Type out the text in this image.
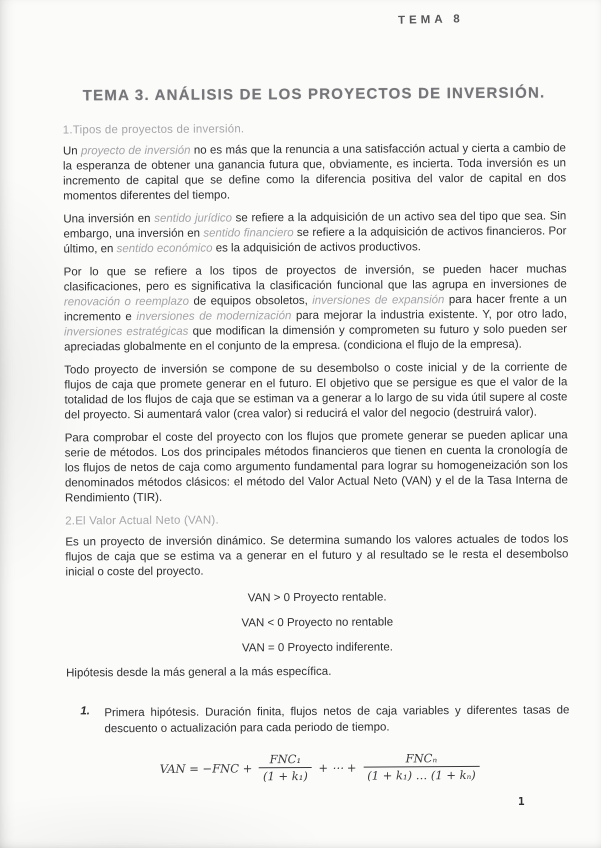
TEMA 8
TEMA 3. ANÁLISIS DE LOS PROYECTOS DE INVERSIÓN.
1.Tipos de proyectos de inversión.

Un proyecto de inversión no es más que la renuncia a una satisfacción actual y cierta a cambio de la esperanza de obtener una ganancia futura que, obviamente, es incierta. Toda inversión es un incremento de capital que se define como la diferencia positiva del valor de capital en dos momentos diferentes del tiempo.

Una inversión en sentido jurídico se refiere a la adquisición de un activo sea del tipo que sea. Sin embargo, una inversión en sentido financiero se refiere a la adquisición de activos financieros. Por último, en sentido económico es la adquisición de activos productivos.

Por lo que se refiere a los tipos de proyectos de inversión, se pueden hacer muchas clasificaciones, pero es significativa la clasificación funcional que las agrupa en inversiones de renovación o reemplazo de equipos obsoletos, inversiones de expansión para hacer frente a un incremento e inversiones de modernización para mejorar la industria existente. Y, por otro lado, inversiones estratégicas que modifican la dimensión y comprometen su futuro y solo pueden ser apreciadas globalmente en el conjunto de la empresa. (condiciona el flujo de la empresa).

Todo proyecto de inversión se compone de su desembolso o coste inicial y de la corriente de flujos de caja que promete generar en el futuro. El objetivo que se persigue es que el valor de la totalidad de los flujos de caja que se estiman va a generar a lo largo de su vida útil supere al coste del proyecto. Si aumentará valor (crea valor) si reducirá el valor del negocio (destruirá valor).

Para comprobar el coste del proyecto con los flujos que promete generar se pueden aplicar una serie de métodos. Los dos principales métodos financieros que tienen en cuenta la cronología de los flujos de netos de caja como argumento fundamental para lograr su homogeneización son los denominados métodos clásicos: el método del Valor Actual Neto (VAN) y el de la Tasa Interna de Rendimiento (TIR).

2.El Valor Actual Neto (VAN).

Es un proyecto de inversión dinámico. Se determina sumando los valores actuales de todos los flujos de caja que se estima va a generar en el futuro y al resultado se le resta el desembolso inicial o coste del proyecto.

VAN > 0 Proyecto rentable.
VAN < 0 Proyecto no rentable
VAN = 0 Proyecto indiferente.
Hipótesis desde la más general a la más específica.
1.	Primera hipótesis. Duración finita, flujos netos de caja variables y diferentes tasas de descuento o actualización para cada periodo de tiempo.
VAN = $-FNC + \frac{\text{FNC₁}}{\text{(1 + k₁)}}$ + ⋯ + $\frac{\text{FNCₙ}}{\text{(1 + k₁) … (1 + kₙ)}}$
1
